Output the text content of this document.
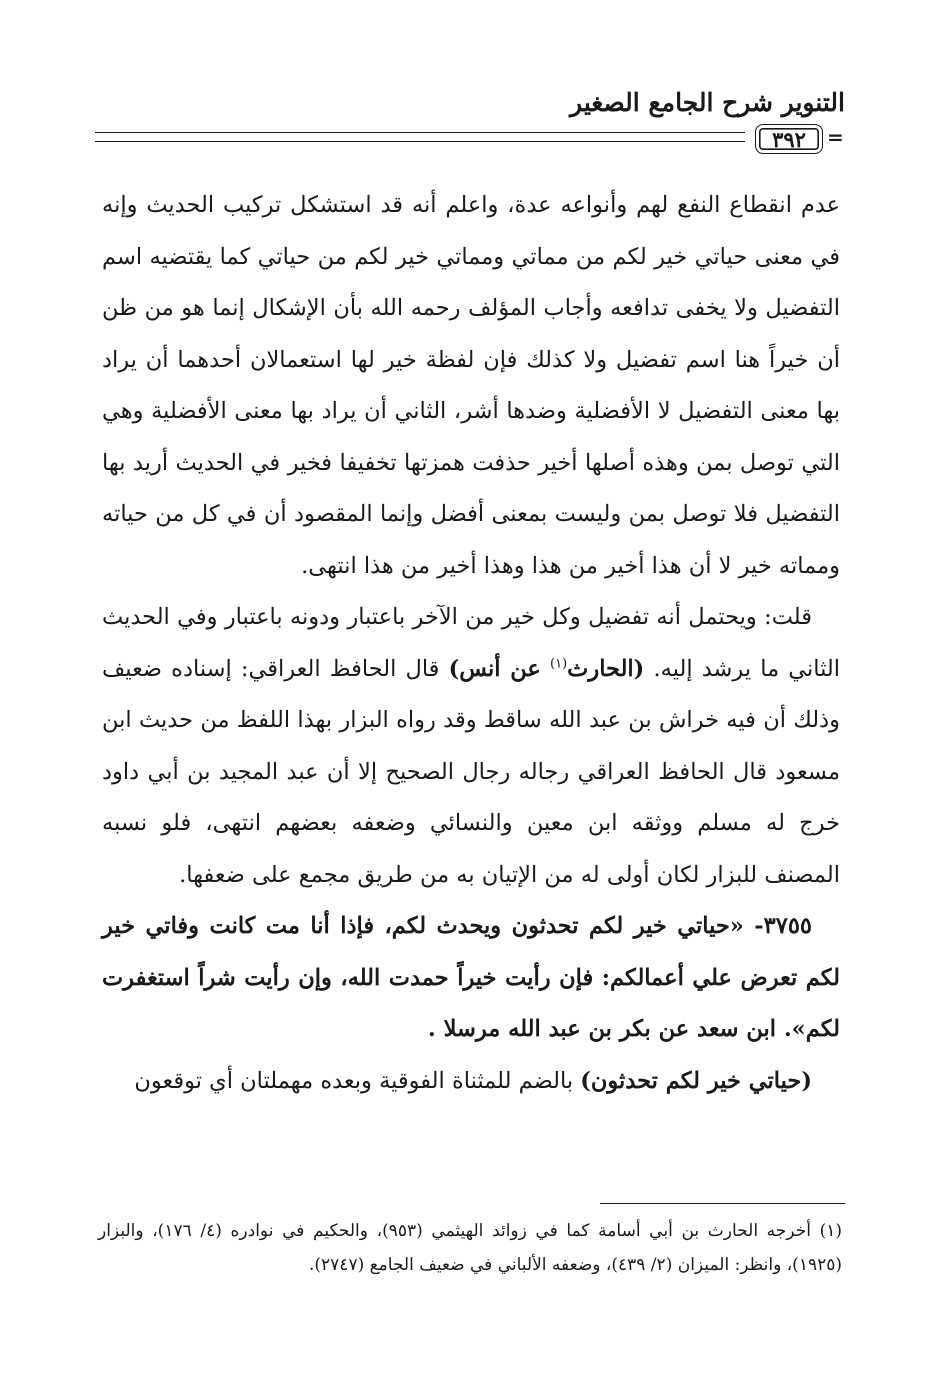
التنوير شرح الجامع الصغير
٣٩٢	=

عدم انقطاع النفع لهم وأنواعه عدة، واعلم أنه قد استشكل تركيب الحديث وإنه في معنى حياتي خير لكم من مماتي ومماتي خير لكم من حياتي كما يقتضيه اسم التفضيل ولا يخفى تدافعه وأجاب المؤلف رحمه الله بأن الإشكال إنما هو من ظن أن خيراً هنا اسم تفضيل ولا كذلك فإن لفظة خير لها استعمالان أحدهما أن يراد بها معنى التفضيل لا الأفضلية وضدها أشر، الثاني أن يراد بها معنى الأفضلية وهي التي توصل بمن وهذه أصلها أخير حذفت همزتها تخفيفا فخير في الحديث أريد بها التفضيل فلا توصل بمن وليست بمعنى أفضل وإنما المقصود أن في كل من حياته ومماته خير لا أن هذا أخير من هذا وهذا أخير من هذا انتهى.

قلت: ويحتمل أنه تفضيل وكل خير من الآخر باعتبار ودونه باعتبار وفي الحديث الثاني ما يرشد إليه. (الحارث$^{(١)}$ عن أنس) قال الحافظ العراقي: إسناده ضعيف وذلك أن فيه خراش بن عبد الله ساقط وقد رواه البزار بهذا اللفظ من حديث ابن مسعود قال الحافظ العراقي رجاله رجال الصحيح إلا أن عبد المجيد بن أبي داود خرج له مسلم ووثقه ابن معين والنسائي وضعفه بعضهم انتهى، فلو نسبه المصنف للبزار لكان أولى له من الإتيان به من طريق مجمع على ضعفها.

٣٧٥٥- «حياتي خير لكم تحدثون ويحدث لكم، فإذا أنا مت كانت وفاتي خير لكم تعرض علي أعمالكم: فإن رأيت خيراً حمدت الله، وإن رأيت شراً استغفرت لكم». ابن سعد عن بكر بن عبد الله مرسلا .

(حياتي خير لكم تحدثون) بالضم للمثناة الفوقية وبعده مهملتان أي توقعون

(١) أخرجه الحارث بن أبي أسامة كما في زوائد الهيثمي (٩٥٣)، والحكيم في نوادره (٤/ ١٧٦)، والبزار (١٩٢٥)، وانظر: الميزان (٢/ ٤٣٩)، وضعفه الألباني في ضعيف الجامع (٢٧٤٧).
